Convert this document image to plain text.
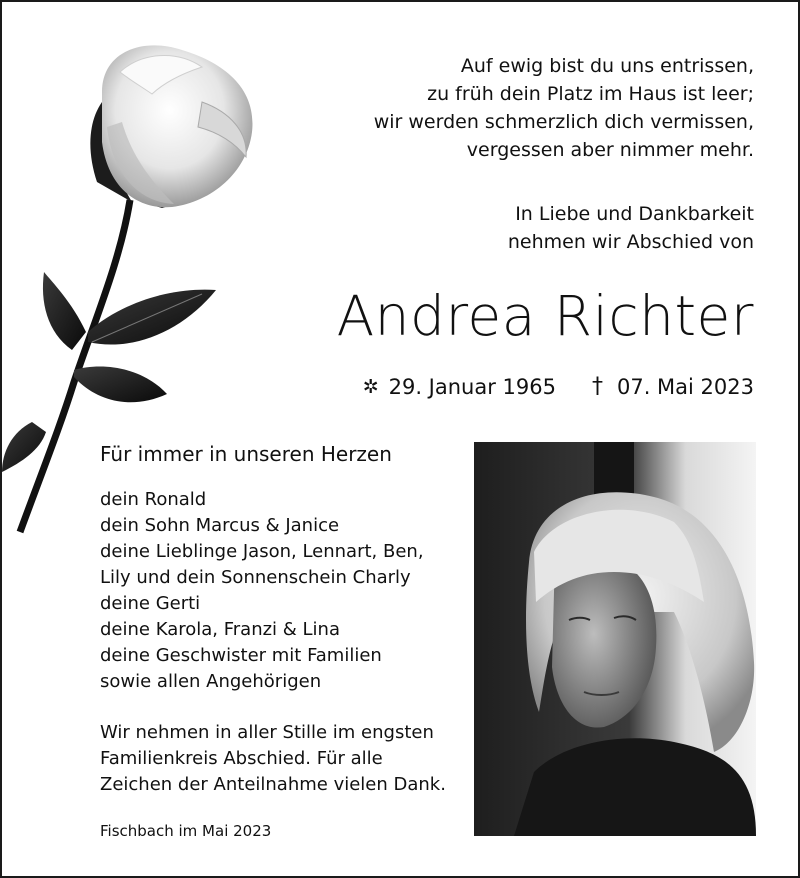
Auf ewig bist du uns entrissen,
zu früh dein Platz im Haus ist leer;
wir werden schmerzlich dich vermissen,
vergessen aber nimmer mehr.
In Liebe und Dankbarkeit
nehmen wir Abschied von
Andrea Richter
✲ 29. Januar 1965 † 07. Mai 2023
Für immer in unseren Herzen
dein Ronald
dein Sohn Marcus & Janice
deine Lieblinge Jason, Lennart, Ben,
Lily und dein Sonnenschein Charly
deine Gerti
deine Karola, Franzi & Lina
deine Geschwister mit Familien
sowie allen Angehörigen
Wir nehmen in aller Stille im engsten
Familienkreis Abschied. Für alle
Zeichen der Anteilnahme vielen Dank.
Fischbach im Mai 2023
